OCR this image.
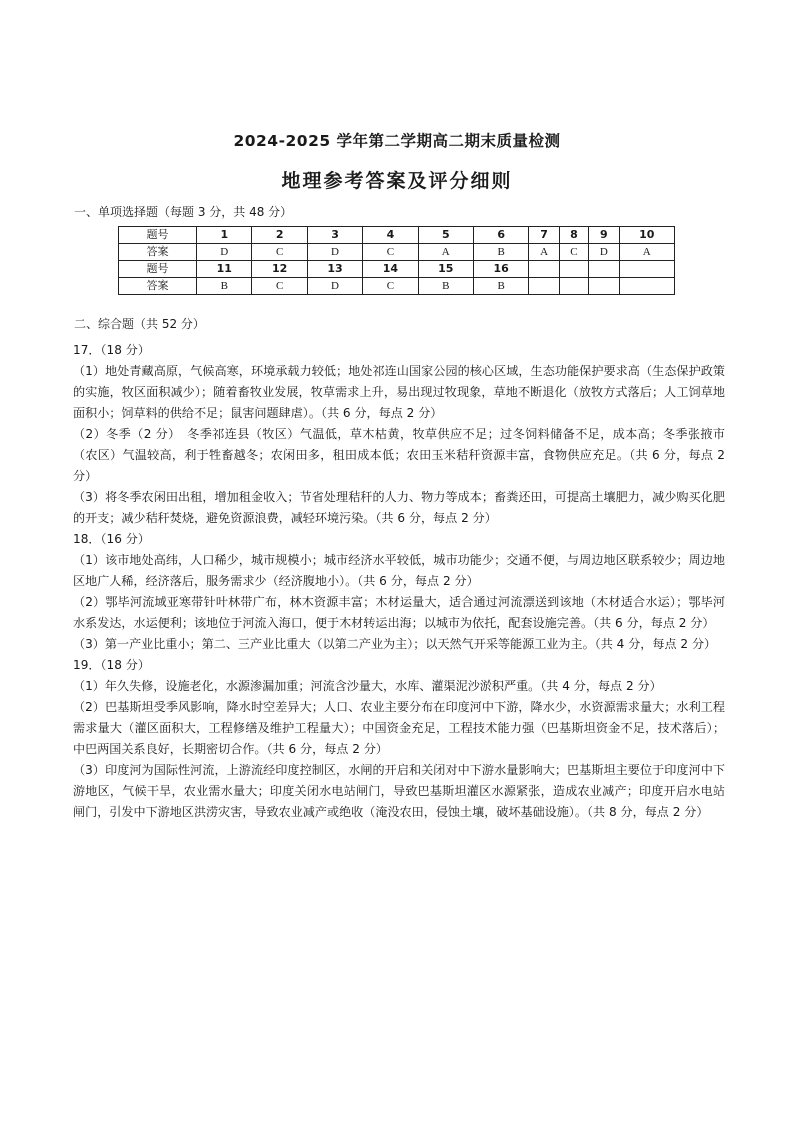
2024-2025 学年第二学期高二期末质量检测
地理参考答案及评分细则
一、单项选择题（每题 3 分，共 48 分）
题号	1	2	3	4	5	6	7	8	9	10
答案	D	C	D	C	A	B	A	C	D	A
题号	11	12	13	14	15	16				
答案	B	C	D	C	B	B				
二、综合题（共 52 分）

17．（18 分）

（1）地处青藏高原，气候高寒，环境承载力较低；地处祁连山国家公园的核心区域，生态功能保护要求高（生态保护政策的实施，牧区面积减少）；随着畜牧业发展，牧草需求上升，易出现过牧现象，草地不断退化（放牧方式落后；人工饲草地面积小；饲草料的供给不足；鼠害问题肆虐）。（共 6 分，每点 2 分）

（2）冬季（2 分）　冬季祁连县（牧区）气温低，草木枯黄，牧草供应不足；过冬饲料储备不足，成本高；冬季张掖市（农区）气温较高，利于牲畜越冬；农闲田多，租田成本低；农田玉米秸秆资源丰富，食物供应充足。（共 6 分，每点 2 分）

（3）将冬季农闲田出租，增加租金收入；节省处理秸秆的人力、物力等成本；畜粪还田，可提高土壤肥力，减少购买化肥的开支；减少秸秆焚烧，避免资源浪费，减轻环境污染。（共 6 分，每点 2 分）

18．（16 分）

（1）该市地处高纬，人口稀少，城市规模小；城市经济水平较低，城市功能少；交通不便，与周边地区联系较少；周边地区地广人稀，经济落后，服务需求少（经济腹地小）。（共 6 分，每点 2 分）

（2）鄂毕河流域亚寒带针叶林带广布，林木资源丰富；木材运量大，适合通过河流漂送到该地（木材适合水运）；鄂毕河水系发达，水运便利；该地位于河流入海口，便于木材转运出海；以城市为依托，配套设施完善。（共 6 分，每点 2 分）

（3）第一产业比重小；第二、三产业比重大（以第二产业为主）；以天然气开采等能源工业为主。（共 4 分，每点 2 分）

19．（18 分）

（1）年久失修，设施老化，水源渗漏加重；河流含沙量大，水库、灌渠泥沙淤积严重。（共 4 分，每点 2 分）

（2）巴基斯坦受季风影响，降水时空差异大；人口、农业主要分布在印度河中下游，降水少，水资源需求量大；水利工程需求量大（灌区面积大，工程修缮及维护工程量大）；中国资金充足，工程技术能力强（巴基斯坦资金不足，技术落后）；中巴两国关系良好，长期密切合作。（共 6 分，每点 2 分）

（3）印度河为国际性河流，上游流经印度控制区，水闸的开启和关闭对中下游水量影响大；巴基斯坦主要位于印度河中下游地区，气候干旱，农业需水量大；印度关闭水电站闸门，导致巴基斯坦灌区水源紧张，造成农业减产；印度开启水电站闸门，引发中下游地区洪涝灾害，导致农业减产或绝收（淹没农田，侵蚀土壤，破坏基础设施）。（共 8 分，每点 2 分）
